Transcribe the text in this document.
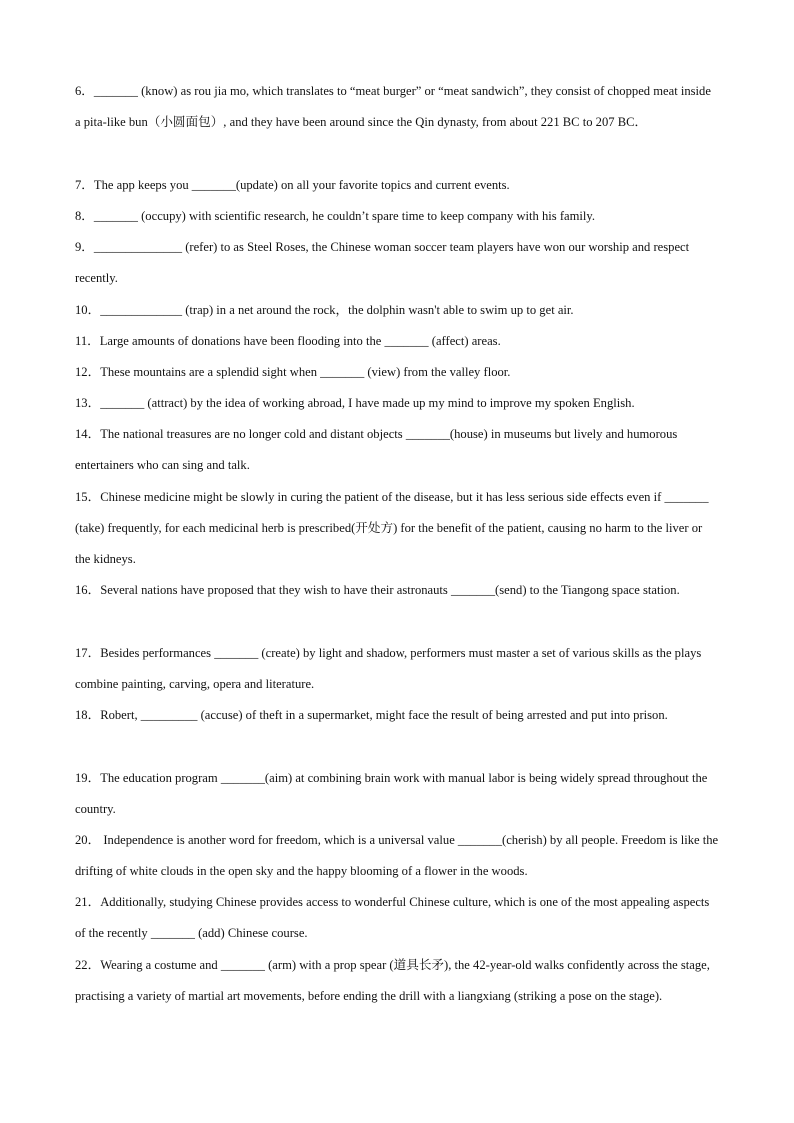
6．_______ (know) as rou jia mo, which translates to “meat burger” or “meat sandwich”, they consist of chopped meat inside a pita-like bun（小圆面包）, and they have been around since the Qin dynasty, from about 221 BC to 207 BC．
7．The app keeps you _______(update) on all your favorite topics and current events.
8．_______ (occupy) with scientific research, he couldn’t spare time to keep company with his family.
9．______________ (refer) to as Steel Roses, the Chinese woman soccer team players have won our worship and respect recently.
10．_____________ (trap) in a net around the rock，the dolphin wasn't able to swim up to get air.
11．Large amounts of donations have been flooding into the _______ (affect) areas.
12．These mountains are a splendid sight when _______ (view) from the valley floor.
13．_______ (attract) by the idea of working abroad, I have made up my mind to improve my spoken English.
14．The national treasures are no longer cold and distant objects _______(house) in museums but lively and humorous entertainers who can sing and talk.
15．Chinese medicine might be slowly in curing the patient of the disease, but it has less serious side effects even if _______ (take) frequently, for each medicinal herb is prescribed(开处方) for the benefit of the patient, causing no harm to the liver or the kidneys.
16．Several nations have proposed that they wish to have their astronauts _______(send) to the Tiangong space station.
17．Besides performances _______ (create) by light and shadow, performers must master a set of various skills as the plays combine painting, carving, opera and literature.
18．Robert, _________ (accuse) of theft in a supermarket, might face the result of being arrested and put into prison.
19．The education program _______(aim) at combining brain work with manual labor is being widely spread throughout the country.
20． Independence is another word for freedom, which is a universal value _______(cherish) by all people. Freedom is like the drifting of white clouds in the open sky and the happy blooming of a flower in the woods.
21．Additionally, studying Chinese provides access to wonderful Chinese culture, which is one of the most appealing aspects of the recently _______ (add) Chinese course.
22．Wearing a costume and _______ (arm) with a prop spear (道具长矛), the 42-year-old walks confidently across the stage, practising a variety of martial art movements, before ending the drill with a liangxiang (striking a pose on the stage).
